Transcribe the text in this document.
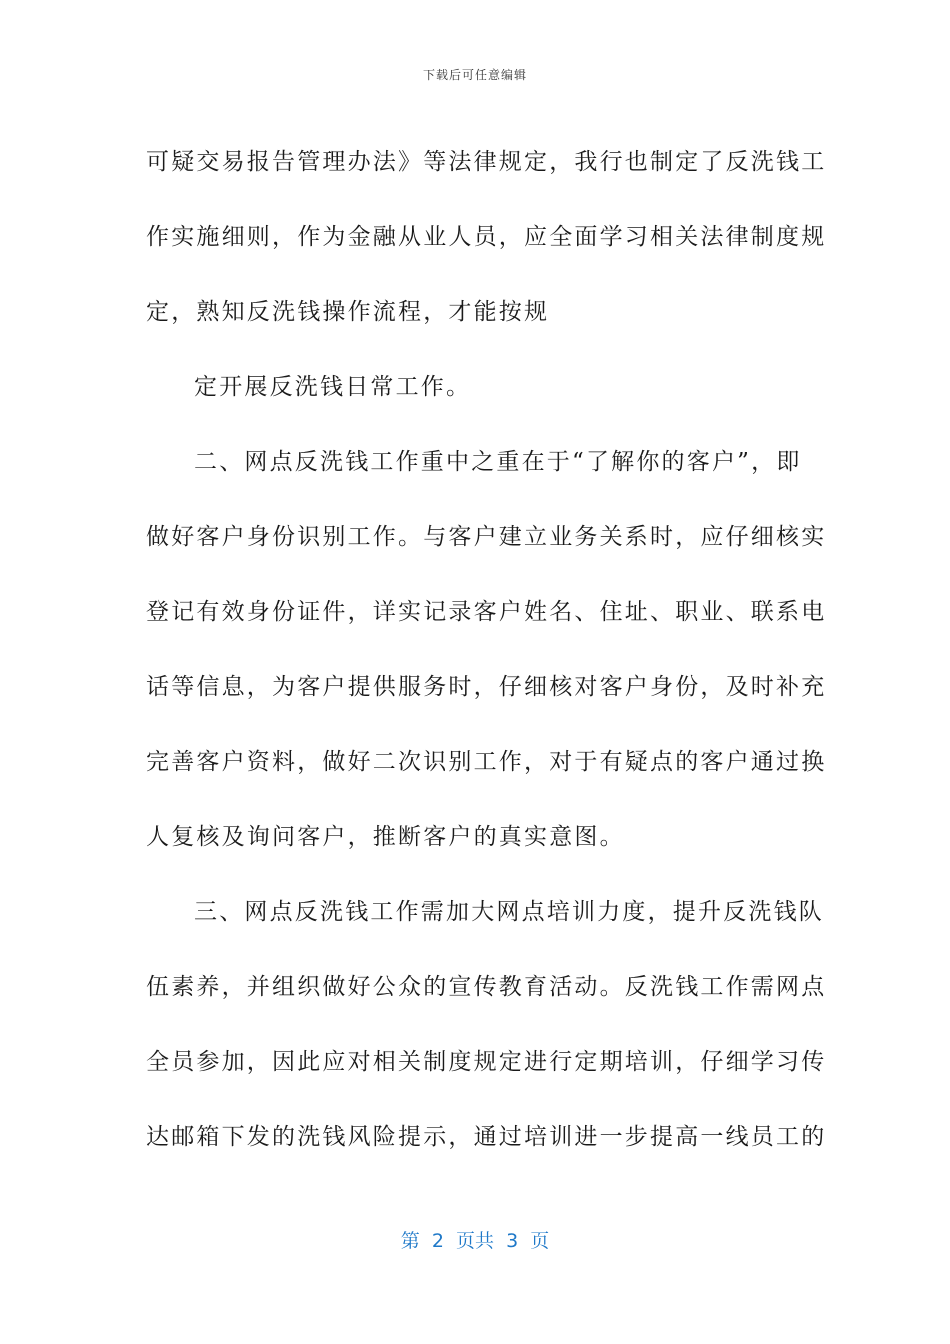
下载后可任意编辑
可疑交易报告管理办法》等法律规定，我行也制定了反洗钱工
作实施细则，作为金融从业人员，应全面学习相关法律制度规
定，熟知反洗钱操作流程，才能按规
定开展反洗钱日常工作。
二、网点反洗钱工作重中之重在于“了解你的客户”，即
做好客户身份识别工作。与客户建立业务关系时，应仔细核实
登记有效身份证件，详实记录客户姓名、住址、职业、联系电
话等信息，为客户提供服务时，仔细核对客户身份，及时补充
完善客户资料，做好二次识别工作，对于有疑点的客户通过换
人复核及询问客户，推断客户的真实意图。
三、网点反洗钱工作需加大网点培训力度，提升反洗钱队
伍素养，并组织做好公众的宣传教育活动。反洗钱工作需网点
全员参加，因此应对相关制度规定进行定期培训，仔细学习传
达邮箱下发的洗钱风险提示，通过培训进一步提高一线员工的
第  2  页共  3  页
